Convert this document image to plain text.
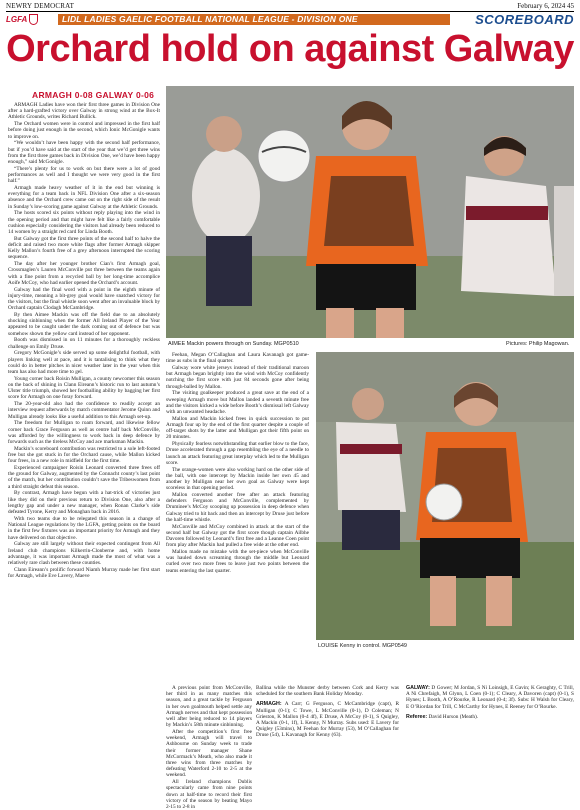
NEWRY DEMOCRAT	February 6, 2024 45
LGFA	LIDL LADIES GAELIC FOOTBALL NATIONAL LEAGUE - DIVISION ONE	SCOREBOARD
Orchard hold on against Galway
ARMAGH 0-08 GALWAY 0-06

ARMAGH Ladies have won their first three games in Division One after a hard-grafted victory over Galway in strong wind at the Box-It Athletic Grounds, writes Richard Bullick.

The Orchard women were in control and impressed in the first half before doing just enough in the second, which Ionic McGonigle wants to improve on.

“We wouldn’t have been happy with the second half performance, but if you’d have said at the start of the year that we’d get three wins from the first three games back in Division One, we’d have been happy enough,” said McGonigle.

“There’s plenty for us to work on but there were a lot of good performances as well and I thought we were very good in the first half.”

Armagh made heavy weather of it in the end but winning is everything for a team back in NFL Division One after a six-season absence and the Orchard crew came out on the right side of the result in Sunday’s low-scoring game against Galway at the Athletic Grounds.

The hosts scored six points without reply playing into the wind in the opening period and that might have felt like a fairly comfortable cushion especially considering the visitors had already been reduced to 14 women by a straight red card for Linda Booth.

But Galway got the first three points of the second half to halve the deficit and raised two more white flags after former Armagh skipper Kelly Mallon’s fourth free of a grey afternoon interrupted the scoring sequence.

The day after her younger brother Cian’s first Armagh goal, Crossmaglen’s Lauren McConville put three between the teams again with a fine point from a recycled ball by her long-time accomplice Aoife McCoy, who had earlier opened the Orchard’s account.

Galway had the final word with a point in the eighth minute of injury-time, meaning a bit-grey goal would have snatched victory for the visitors, but the final whistle soon went after an invaluable block by Orchard captain Clodagh McCambridge.

By then Aimee Mackin was off the field due to an absolutely shocking sinbinning when the former All Ireland Player of the Year appeared to be caught under the dark coming out of defence but was somehow shown the yellow card instead of her opponent.

Booth was dismissed in on 11 minutes for a thoroughly reckless challenge on Emily Druse.

Gregory McGonigle’s side served up some delightful football, with players linking well at pace, and it is tantalising to think what they could do in better pitches in nicer weather later in the year when this team has also had more time to gel.

Young corner back Roisin Mulligan, a county newcomer this season on the back of shining in Clann Eireann’s historic run to last autumn’s Ulster title triumph, showed her footballing ability by bagging her first score for Armagh on one foray forward.

The 20-year-old also had the confidence to readily accept an interview request afterwards by match commentator Jerome Quinn and Mulligan already looks like a useful addition to this Armagh set-up.

The freedom for Mulligan to roam forward, and likewise fellow corner back Grace Ferguson as well as centre half back McConville, was afforded by the willingness to work back in deep defence by forwards such as the tireless McCoy and ace marksman Mackin.

Mackin’s scoreboard contribution was restricted to a sole left-footed free but she got stuck in for the Orchard cause, while Mallon kicked four frees, in a new role in midfield for the first time.

Experienced campaigner Roisin Leonard converted three frees off the ground for Galway, augmented by the Connacht county’s last point of the match, but her contribution couldn’t save the Tribeswomen from a third straight defeat this season.

By contrast, Armagh have begun with a hat-trick of victories just like they did on their previous return to Division One, also after a lengthy gap and under a new manager, when Ronan Clarke’s side defeated Tyrone, Kerry and Monaghan back in 2016.

With two teams due to be relegated this season in a change of National League regulations by the LGFA, getting points on the board in the first few fixtures was an important priority for Armagh and they have delivered on that objective.

Galway are still largely without their expected contingent from All Ireland club champions Kilkerrin-Clonberne and, with home advantage, it was important Armagh made the most of what was a relatively rare clash between these counties.

Clann Eireann’s prolific forward Niamh Murray made her first start for Armagh, while Eve Lavery, Maeve

AIMEE Mackin powers through on Sunday. MGP0510	Pictures: Philip Magowan.

Feehan, Megan O’Callaghan and Laura Kavanagh got game-time as subs in the final quarter.

Galway wore white jerseys instead of their traditional maroon but Armagh began brightly into the wind with McCoy confidently notching the first score with just 84 seconds gone after being through-balled by Mallon.

The visiting goalkeeper produced a great save at the end of a sweeping Armagh move but Mallon landed a seventh minute free and the visitors kicked a wide before Booth’s dismissal left Galway with an unwanted headache.

Mallon and Mackin kicked frees in quick succession to put Armagh four up by the end of the first quarter despite a couple of off-target shots by the latter and Mulligan got their fifth point on 20 minutes.

Physically fearless notwithstanding that earlier blow to the face, Druse accelerated through a gap resembling the eye of a needle to launch an attack featuring great interplay which led to the Mulligan score.

The orange-women were also working hard on the other side of the ball, with one intercept by Mackin inside her own 45 and another by Mulligan near her own goal as Galway were kept scoreless in that opening period.

Mallon converted another free after an attack featuring defenders Ferguson and McConville, complemented by Druminee’s McCoy scooping up possession in deep defence when Galway tried to hit back and then an intercept by Druse just before the half-time whistle.

McConville and McCoy combined in attack at the start of the second half but Galway got the first score though captain Ailbhe Davoren followed by Leonard’s first free and a Leanne Coen point from play after Mackin had pulled a free wide at the other end.

Mallon made no mistake with the set-piece when McConville was hauled down screaming through the middle but Leonard curled over two more frees to leave just two points between the teams entering the last quarter.

LOUISE Kenny in control. MGP0549

A previous point from McConville, her third in as many matches this season, and a great tackle by Ferguson in her own goalmouth helped settle any Armagh nerves and that kept possession well after being reduced to 14 players by Mackin’s 58th minute sinbinning.

After the competition’s first free weekend, Armagh will travel to Ashbourne on Sunday week to trade their former manager Shane McCormack’s Meath, who also made it three wins from three matches by defeating Waterford 2-10 to 2-5 at the weekend.

All Ireland champions Dublis spectacularly came from nine points down at half-time to record their first victory of the season by beating Mayo 2-15 to 2-8 in

Ballina while the Munster derby between Cork and Kerry was scheduled for the southern Bank Holiday Monday.

ARMAGH: A Carr; G Ferguson, C McCambridge (capt), R Mulligan (0-1); C Towe, L McConville (0-1), D Coleman; N Grieston, K Mallon (0-4 4f), E Druse, A McCoy (0-1), S Quigley, A Mackin (0-1, 1f), L Kenny, N Murray. Subs used: E Lavery for Quigley (53mins), M Feehan for Murray (53), M O’Callaghan for Druse (54), L Kavanagh for Kenny (63).

GALWAY: D Gower; M Jordan, S Ni Loinsigh, E Gavin; K Geraghty, C Trill, A Ni Chrefaigh, M Glynn, L Coen (0-1); C Cleary, A Davoren (capt) (0-1), S Hynes; L Booth, A O’Rourke, R Leonard (0-4; 3f). Subs: H Walsh for Cleary, E O’Riordan for Trill, C McCarthy for Hynes, E Reeney for O’Rourke.

Referee: David Hurson (Meath).
